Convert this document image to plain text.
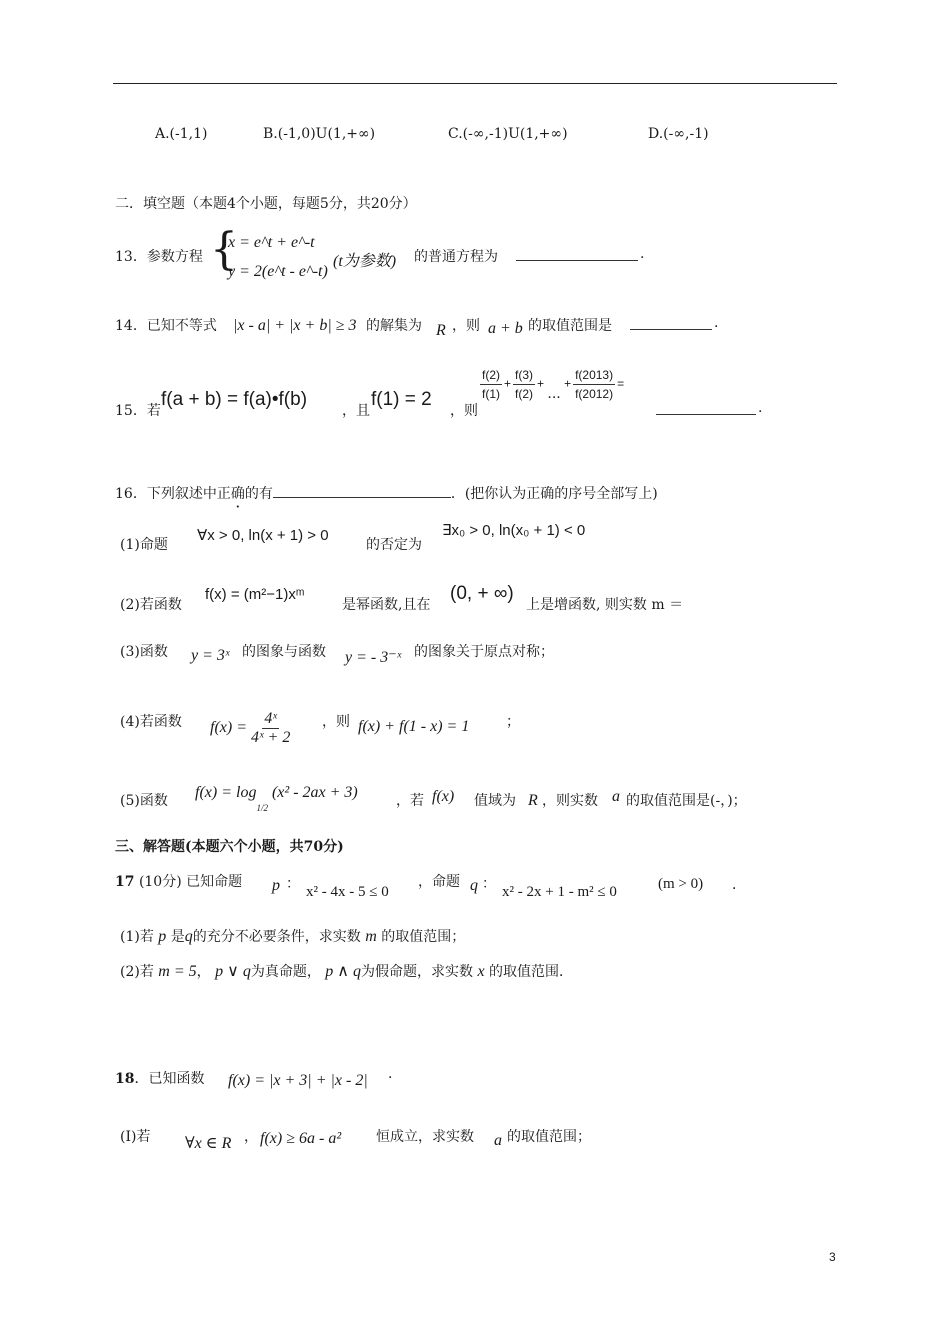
A.(-1,1)	B.(-1,0)U(1,+∞)	C.(-∞,-1)U(1,+∞)	D.(-∞,-1)
二．填空题（本题4个小题，每题5分，共20分）
13．参数方程 {
x = e^t + e^-t
y = 2(e^t - e^-t)
(t为参数) 的普通方程为	.
14．已知不等式 |x - a| + |x + b| ≥ 3 的解集为 R ，则 a + b 的取值范围是	.
15．若
f(a + b) = f(a)•f(b)
，且
f(1) = 2
，则
$\frac{f(2)}{f(1)} + \frac{f(3)}{f(2)}$ + ... + $\frac{f(2013)}{f(2012)}$ =
.
16．下列叙述中正确的有	．(把你认为正确的序号全部写上)
(1)命题
∀x > 0, ln(x + 1) > 0
的否定为
∃x₀ > 0, ln(x₀ + 1) < 0
(2)若函数
f(x) = (m²−1)xᵐ
是幂函数,且在
(0, + ∞)
上是增函数, 则实数 m ＝
(3)函数 y = 3ˣ 的图象与函数 y = - 3⁻ˣ 的图象关于原点对称；
(4)若函数 $f(x) = \frac{\text{4ˣ}}{\text{4ˣ + 2}}$ ，则 f(x) + f(1 - x) = 1	；
(5)函数 $f(x) = \log_{1/2}(x^2 - 2ax + 3)$	，若 f(x) 值域为 R ，则实数 a 的取值范围是(-，)；
三、解答题(本题六个小题，共70分)
17 (10分) 已知命题 p ： x² - 4x - 5 ≤ 0
，命题 q ： x² - 2x + 1 - m² ≤ 0	(m > 0) ．
(1)若 p 是q的充分不必要条件，求实数 m 的取值范围；
(2)若 m = 5， p ∨ q为真命题， p ∧ q为假命题，求实数 x 的取值范围．
18．已知函数 f(x) = |x + 3| + |x - 2| ·
(Ⅰ)若 ∀x ∈ R ， f(x) ≥ 6a - a² 恒成立，求实数 a 的取值范围；
3
